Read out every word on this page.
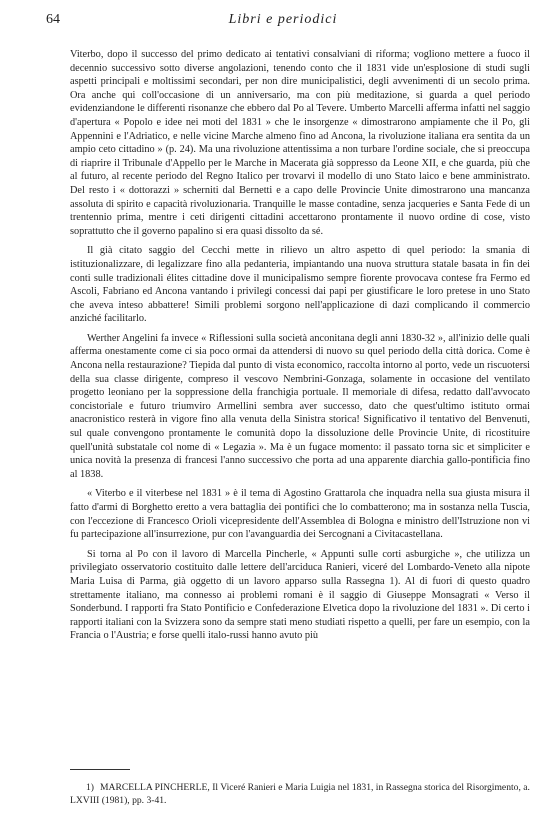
64	Libri e periodici

Viterbo, dopo il successo del primo dedicato ai tentativi consalviani di riforma; vogliono mettere a fuoco il decennio successivo sotto diverse angolazioni, tenendo conto che il 1831 vide un'esplosione di studi sugli aspetti principali e moltissimi secondari, per non dire municipalistici, degli avvenimenti di un secolo prima. Ora anche qui coll'occasione di un anniversario, ma con più meditazione, si guarda a quel periodo evidenziandone le differenti risonanze che ebbero dal Po al Tevere. Umberto Marcelli afferma infatti nel saggio d'apertura « Popolo e idee nei moti del 1831 » che le insorgenze « dimostrarono ampiamente che il Po, gli Appennini e l'Adriatico, e nelle vicine Marche almeno fino ad Ancona, la rivoluzione italiana era sentita da un ampio ceto cittadino » (p. 24). Ma una rivoluzione attentissima a non turbare l'ordine sociale, che si preoccupa di riaprire il Tribunale d'Appello per le Marche in Macerata già soppresso da Leone XII, e che guarda, più che al futuro, al recente periodo del Regno Italico per trovarvi il modello di uno Stato laico e bene amministrato. Del resto i « dottorazzi » scherniti dal Bernetti e a capo delle Provincie Unite dimostrarono una mancanza assoluta di spirito e capacità rivoluzionaria. Tranquille le masse contadine, senza jacqueries e Santa Fede di un trentennio prima, mentre i ceti dirigenti cittadini accettarono prontamente il nuovo ordine di cose, visto soprattutto che il governo papalino si era quasi dissolto da sé.

Il già citato saggio del Cecchi mette in rilievo un altro aspetto di quel periodo: la smania di istituzionalizzare, di legalizzare fino alla pedanteria, impiantando una nuova struttura statale basata in fin dei conti sulle tradizionali élites cittadine dove il municipalismo sempre fiorente provocava contese fra Fermo ed Ascoli, Fabriano ed Ancona vantando i privilegi concessi dai papi per giustificare le loro pretese in uno Stato che aveva inteso abbattere! Simili problemi sorgono nell'applicazione di dazi complicando il commercio anziché facilitarlo.

Werther Angelini fa invece « Riflessioni sulla società anconitana degli anni 1830-32 », all'inizio delle quali afferma onestamente come ci sia poco ormai da attendersi di nuovo su quel periodo della città dorica. Come è Ancona nella restaurazione? Tiepida dal punto di vista economico, raccolta intorno al porto, vede un riscuotersi della sua classe dirigente, compreso il vescovo Nembrini-Gonzaga, solamente in occasione del ventilato progetto leoniano per la soppressione della franchigia portuale. Il memoriale di difesa, redatto dall'avvocato concistoriale e futuro triumviro Armellini sembra aver successo, dato che quest'ultimo istituto ormai anacronistico resterà in vigore fino alla venuta della Sinistra storica! Significativo il tentativo del Benvenuti, sul quale convengono prontamente le comunità dopo la dissoluzione delle Provincie Unite, di ricostituire quell'unità substatale col nome di « Legazia ». Ma è un fugace momento: il passato torna sic et simpliciter e unica novità la presenza di francesi l'anno successivo che porta ad una apparente diarchia gallo-pontificia fino al 1838.

« Viterbo e il viterbese nel 1831 » è il tema di Agostino Grattarola che inquadra nella sua giusta misura il fatto d'armi di Borghetto eretto a vera battaglia dei pontifici che lo combatterono; ma in sostanza nella Tuscia, con l'eccezione di Francesco Orioli vicepresidente dell'Assemblea di Bologna e ministro dell'Istruzione non vi fu partecipazione all'insurrezione, pur con l'avanguardia dei Sercognani a Civitacastellana.

Si torna al Po con il lavoro di Marcella Pincherle, « Appunti sulle corti asburgiche », che utilizza un privilegiato osservatorio costituito dalle lettere dell'arciduca Ranieri, viceré del Lombardo-Veneto alla nipote Maria Luisa di Parma, già oggetto di un lavoro apparso sulla Rassegna 1). Al di fuori di questo quadro strettamente italiano, ma connesso ai problemi romani è il saggio di Giuseppe Monsagrati « Verso il Sonderbund. I rapporti fra Stato Pontificio e Confederazione Elvetica dopo la rivoluzione del 1831 ». Di certo i rapporti italiani con la Svizzera sono da sempre stati meno studiati rispetto a quelli, per fare un esempio, con la Francia o l'Austria; e forse quelli italo-russi hanno avuto più

1) MARCELLA PINCHERLE, Il Viceré Ranieri e Maria Luigia nel 1831, in Rassegna storica del Risorgimento, a. LXVIII (1981), pp. 3-41.
